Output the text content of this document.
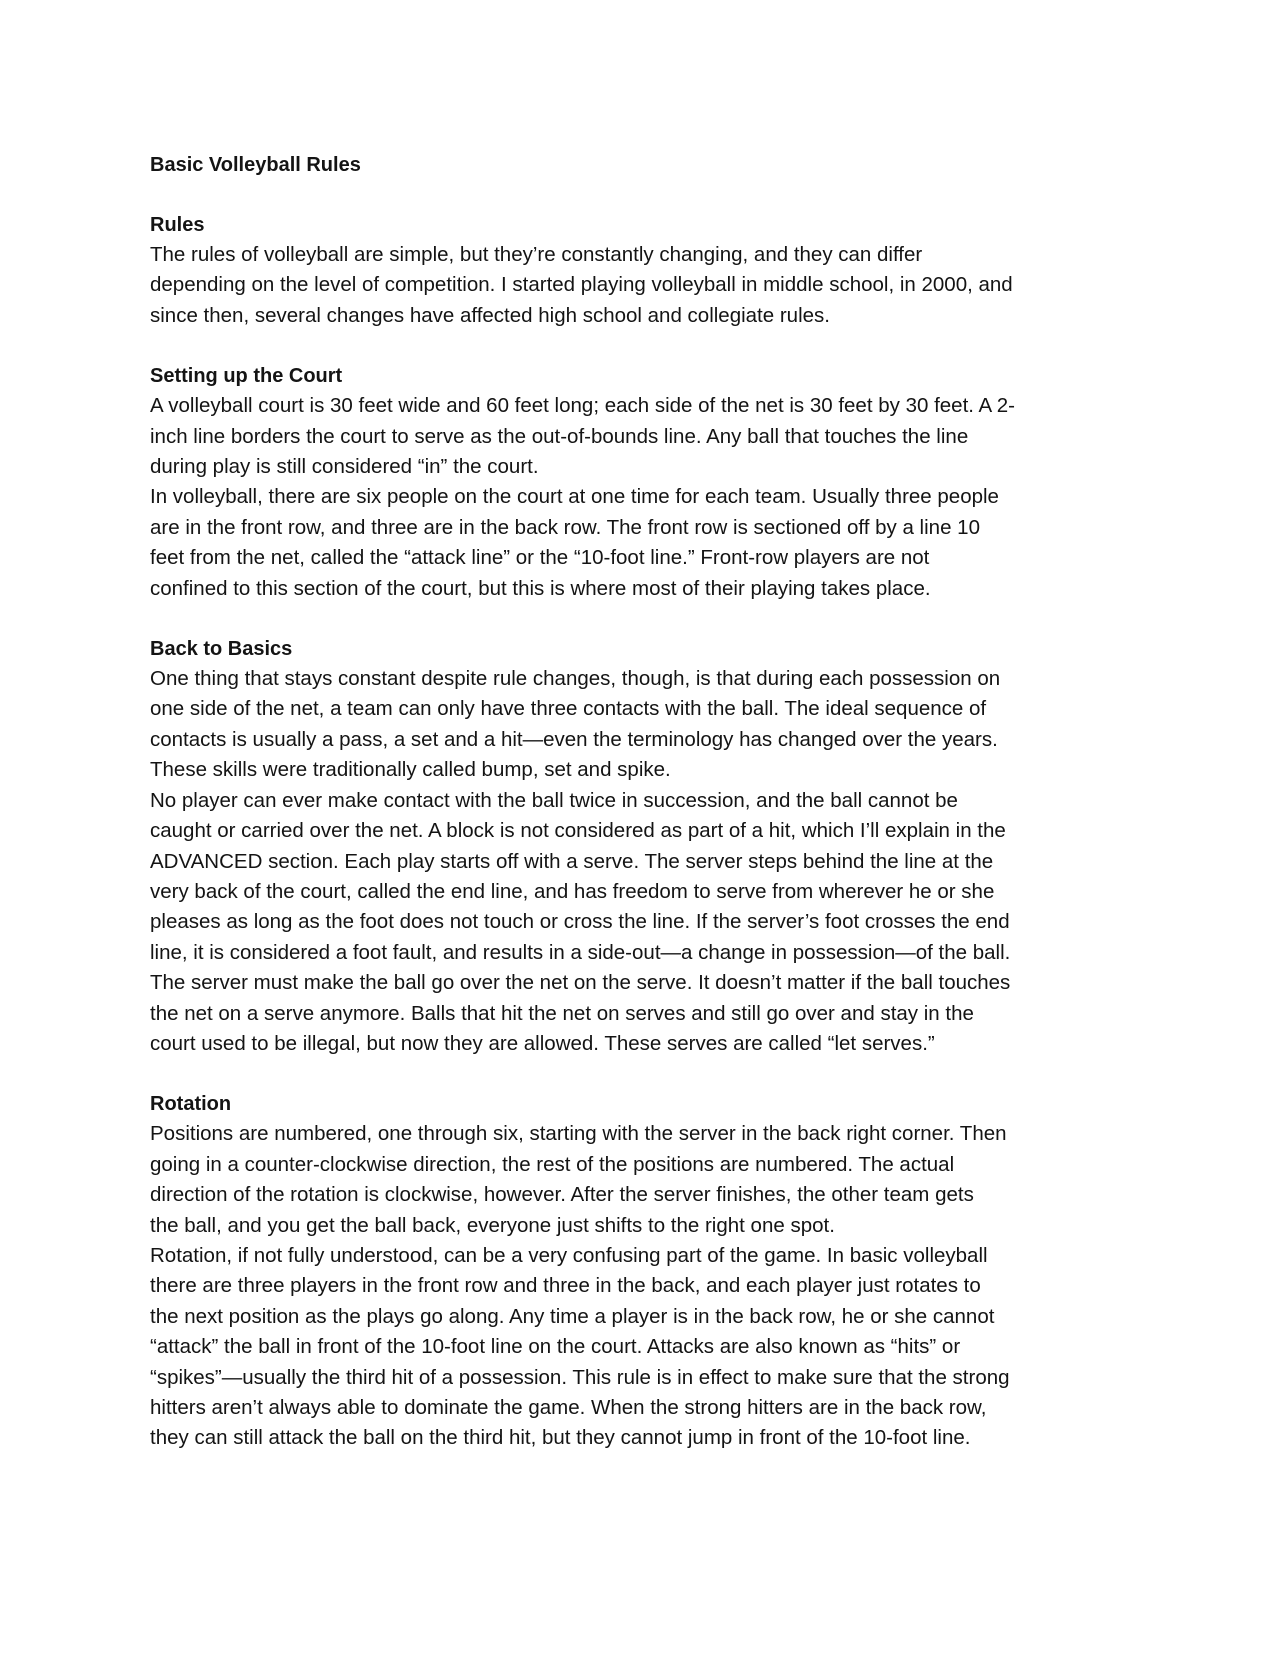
Basic Volleyball Rules
Rules

The rules of volleyball are simple, but they’re constantly changing, and they can differ
depending on the level of competition. I started playing volleyball in middle school, in 2000, and
since then, several changes have affected high school and collegiate rules.

Setting up the Court

A volleyball court is 30 feet wide and 60 feet long; each side of the net is 30 feet by 30 feet. A 2-
inch line borders the court to serve as the out-of-bounds line. Any ball that touches the line
during play is still considered “in” the court.

In volleyball, there are six people on the court at one time for each team. Usually three people
are in the front row, and three are in the back row. The front row is sectioned off by a line 10
feet from the net, called the “attack line” or the “10-foot line.” Front-row players are not
confined to this section of the court, but this is where most of their playing takes place.

Back to Basics

One thing that stays constant despite rule changes, though, is that during each possession on
one side of the net, a team can only have three contacts with the ball. The ideal sequence of
contacts is usually a pass, a set and a hit—even the terminology has changed over the years.
These skills were traditionally called bump, set and spike.

No player can ever make contact with the ball twice in succession, and the ball cannot be
caught or carried over the net. A block is not considered as part of a hit, which I’ll explain in the
ADVANCED section. Each play starts off with a serve. The server steps behind the line at the
very back of the court, called the end line, and has freedom to serve from wherever he or she
pleases as long as the foot does not touch or cross the line. If the server’s foot crosses the end
line, it is considered a foot fault, and results in a side-out—a change in possession—of the ball.
The server must make the ball go over the net on the serve. It doesn’t matter if the ball touches
the net on a serve anymore. Balls that hit the net on serves and still go over and stay in the
court used to be illegal, but now they are allowed. These serves are called “let serves.”

Rotation

Positions are numbered, one through six, starting with the server in the back right corner. Then
going in a counter-clockwise direction, the rest of the positions are numbered. The actual
direction of the rotation is clockwise, however. After the server finishes, the other team gets
the ball, and you get the ball back, everyone just shifts to the right one spot.

Rotation, if not fully understood, can be a very confusing part of the game. In basic volleyball
there are three players in the front row and three in the back, and each player just rotates to
the next position as the plays go along. Any time a player is in the back row, he or she cannot
“attack” the ball in front of the 10-foot line on the court. Attacks are also known as “hits” or
“spikes”—usually the third hit of a possession. This rule is in effect to make sure that the strong
hitters aren’t always able to dominate the game. When the strong hitters are in the back row,
they can still attack the ball on the third hit, but they cannot jump in front of the 10-foot line.
